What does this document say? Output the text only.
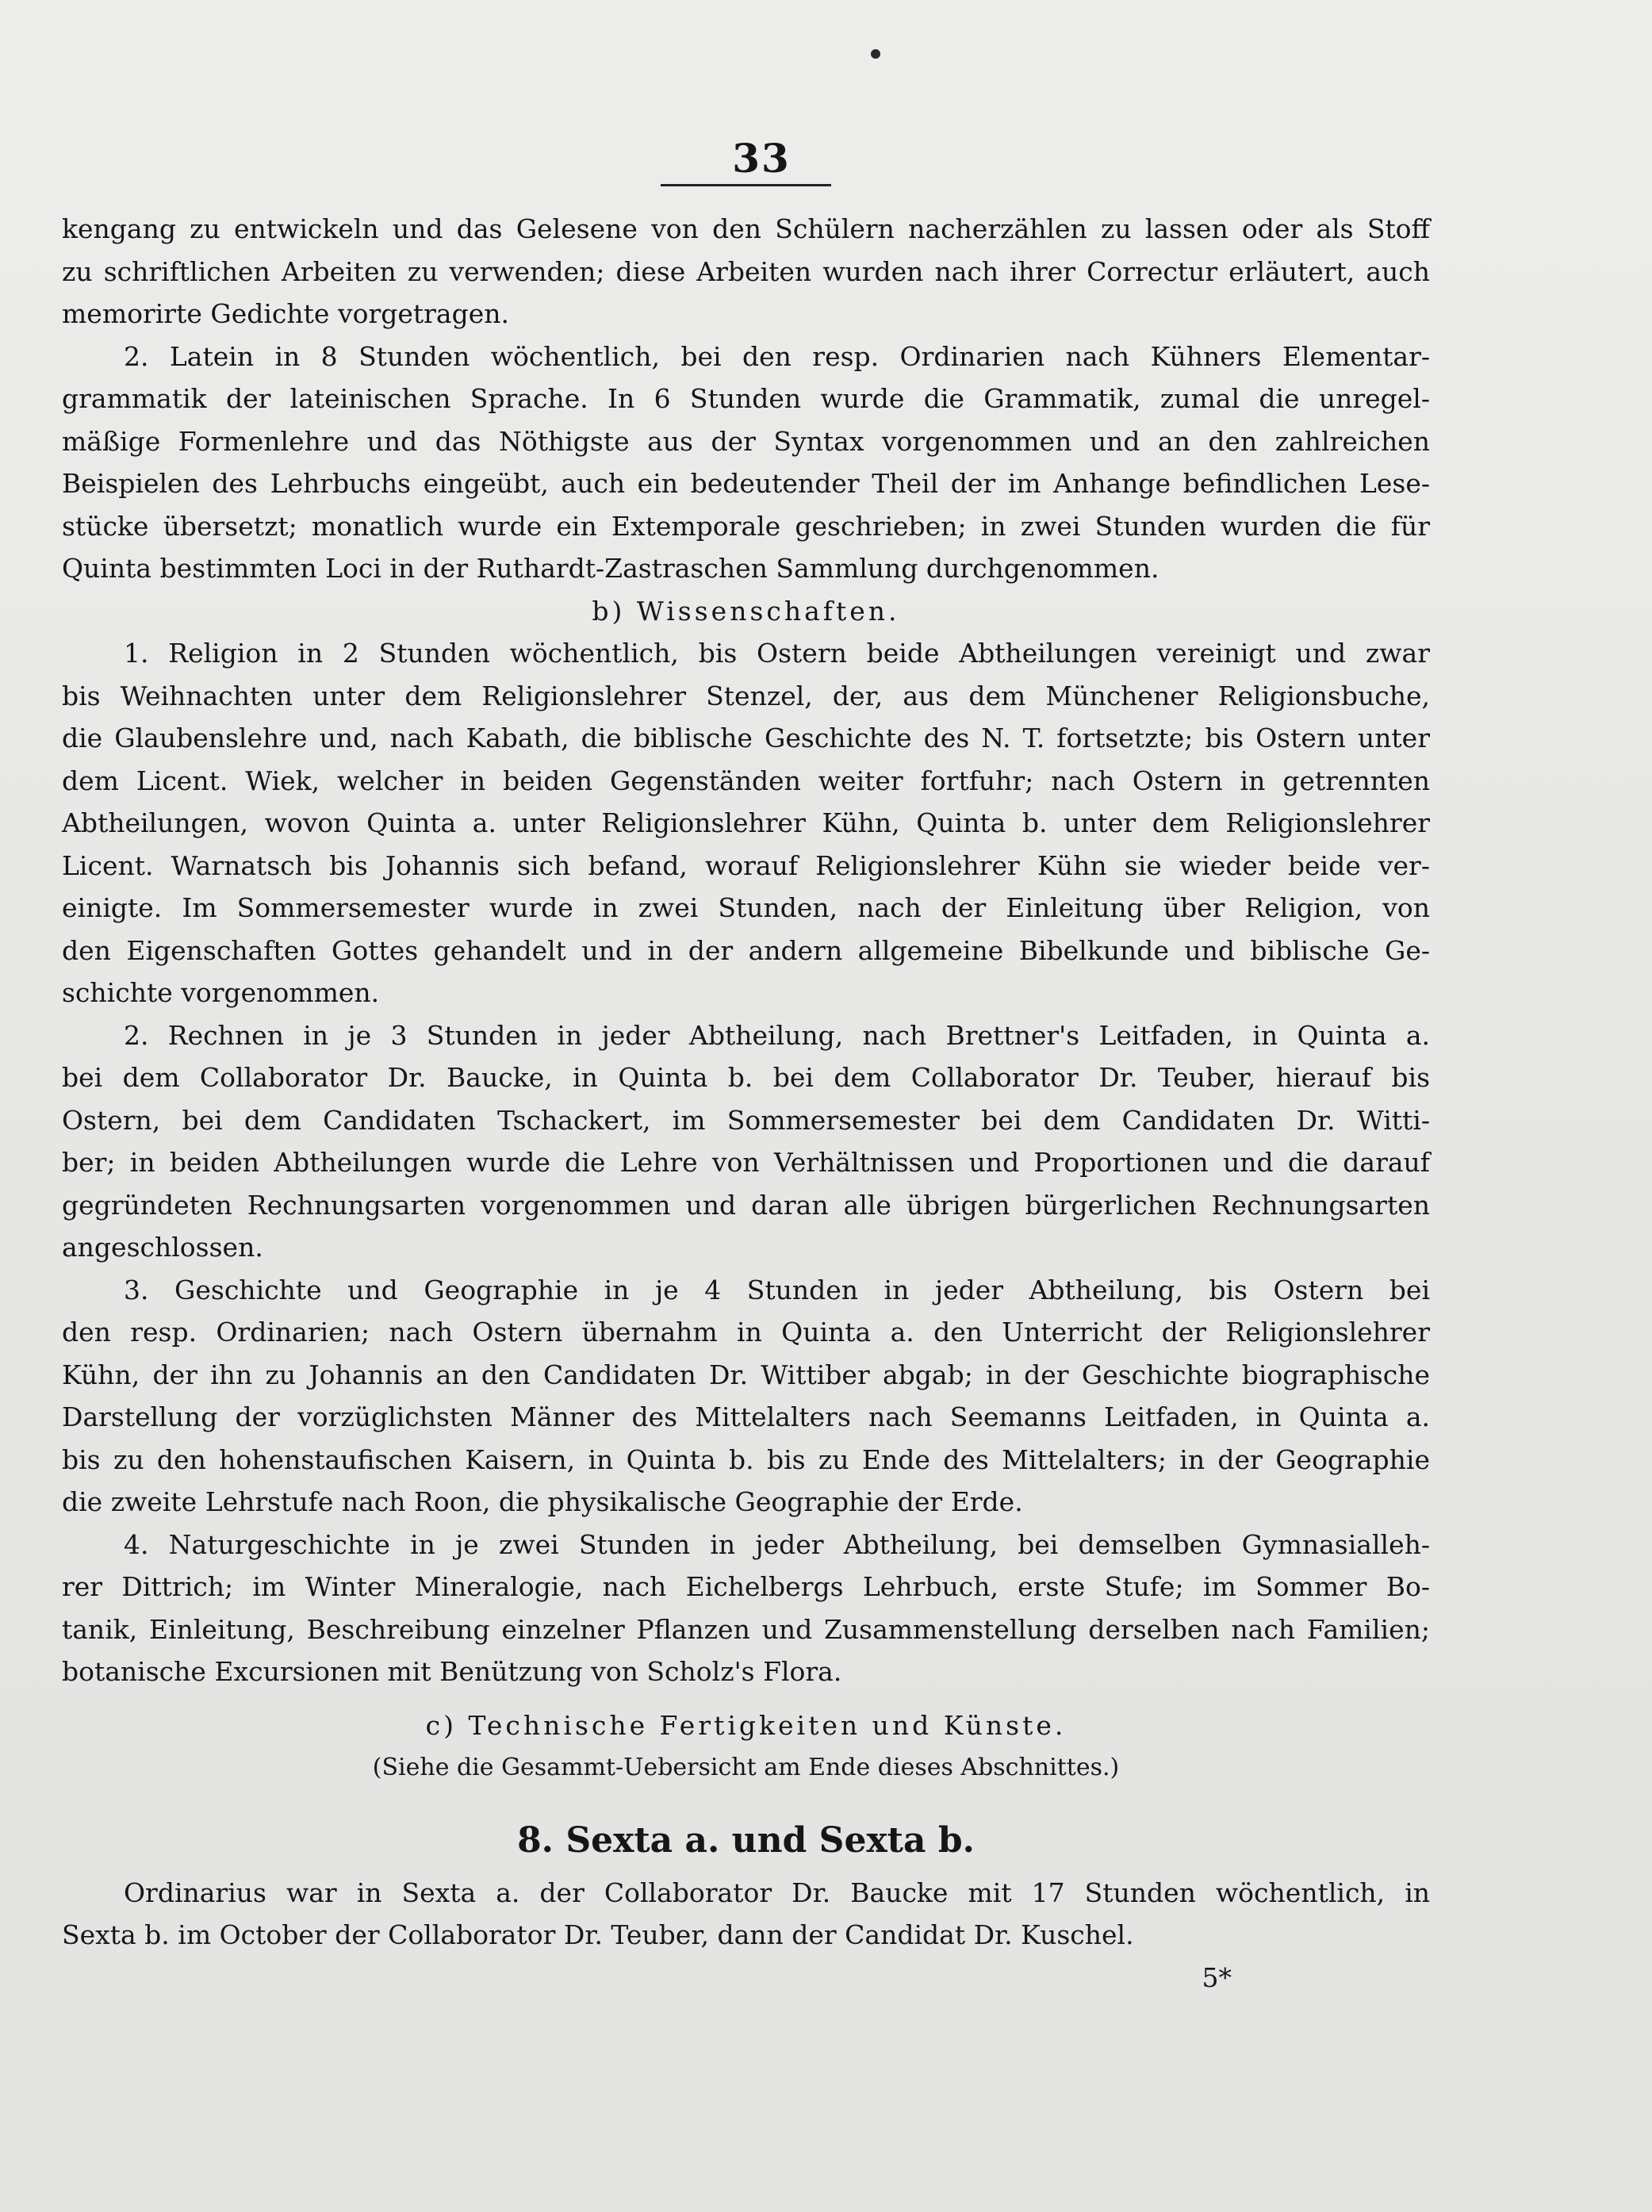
33
kengang zu entwickeln und das Gelesene von den Schülern nacherzählen zu lassen oder als Stoff
zu schriftlichen Arbeiten zu verwenden; diese Arbeiten wurden nach ihrer Correctur erläutert, auch
memorirte Gedichte vorgetragen.
2. Latein in 8 Stunden wöchentlich, bei den resp. Ordinarien nach Kühners Elementar-
grammatik der lateinischen Sprache. In 6 Stunden wurde die Grammatik, zumal die unregel-
mäßige Formenlehre und das Nöthigste aus der Syntax vorgenommen und an den zahlreichen
Beispielen des Lehrbuchs eingeübt, auch ein bedeutender Theil der im Anhange befindlichen Lese-
stücke übersetzt; monatlich wurde ein Extemporale geschrieben; in zwei Stunden wurden die für
Quinta bestimmten Loci in der Ruthardt-Zastraschen Sammlung durchgenommen.
b) Wissenschaften.
1. Religion in 2 Stunden wöchentlich, bis Ostern beide Abtheilungen vereinigt und zwar
bis Weihnachten unter dem Religionslehrer Stenzel, der, aus dem Münchener Religionsbuche,
die Glaubenslehre und, nach Kabath, die biblische Geschichte des N. T. fortsetzte; bis Ostern unter
dem Licent. Wiek, welcher in beiden Gegenständen weiter fortfuhr; nach Ostern in getrennten
Abtheilungen, wovon Quinta a. unter Religionslehrer Kühn, Quinta b. unter dem Religionslehrer
Licent. Warnatsch bis Johannis sich befand, worauf Religionslehrer Kühn sie wieder beide ver-
einigte. Im Sommersemester wurde in zwei Stunden, nach der Einleitung über Religion, von
den Eigenschaften Gottes gehandelt und in der andern allgemeine Bibelkunde und biblische Ge-
schichte vorgenommen.
2. Rechnen in je 3 Stunden in jeder Abtheilung, nach Brettner's Leitfaden, in Quinta a.
bei dem Collaborator Dr. Baucke, in Quinta b. bei dem Collaborator Dr. Teuber, hierauf bis
Ostern, bei dem Candidaten Tschackert, im Sommersemester bei dem Candidaten Dr. Witti-
ber; in beiden Abtheilungen wurde die Lehre von Verhältnissen und Proportionen und die darauf
gegründeten Rechnungsarten vorgenommen und daran alle übrigen bürgerlichen Rechnungsarten
angeschlossen.
3. Geschichte und Geographie in je 4 Stunden in jeder Abtheilung, bis Ostern bei
den resp. Ordinarien; nach Ostern übernahm in Quinta a. den Unterricht der Religionslehrer
Kühn, der ihn zu Johannis an den Candidaten Dr. Wittiber abgab; in der Geschichte biographische
Darstellung der vorzüglichsten Männer des Mittelalters nach Seemanns Leitfaden, in Quinta a.
bis zu den hohenstaufischen Kaisern, in Quinta b. bis zu Ende des Mittelalters; in der Geographie
die zweite Lehrstufe nach Roon, die physikalische Geographie der Erde.
4. Naturgeschichte in je zwei Stunden in jeder Abtheilung, bei demselben Gymnasialleh-
rer Dittrich; im Winter Mineralogie, nach Eichelbergs Lehrbuch, erste Stufe; im Sommer Bo-
tanik, Einleitung, Beschreibung einzelner Pflanzen und Zusammenstellung derselben nach Familien;
botanische Excursionen mit Benützung von Scholz's Flora.
c) Technische Fertigkeiten und Künste.
(Siehe die Gesammt-Uebersicht am Ende dieses Abschnittes.)
8. Sexta a. und Sexta b.
Ordinarius war in Sexta a. der Collaborator Dr. Baucke mit 17 Stunden wöchentlich, in
Sexta b. im October der Collaborator Dr. Teuber, dann der Candidat Dr. Kuschel.
5*
